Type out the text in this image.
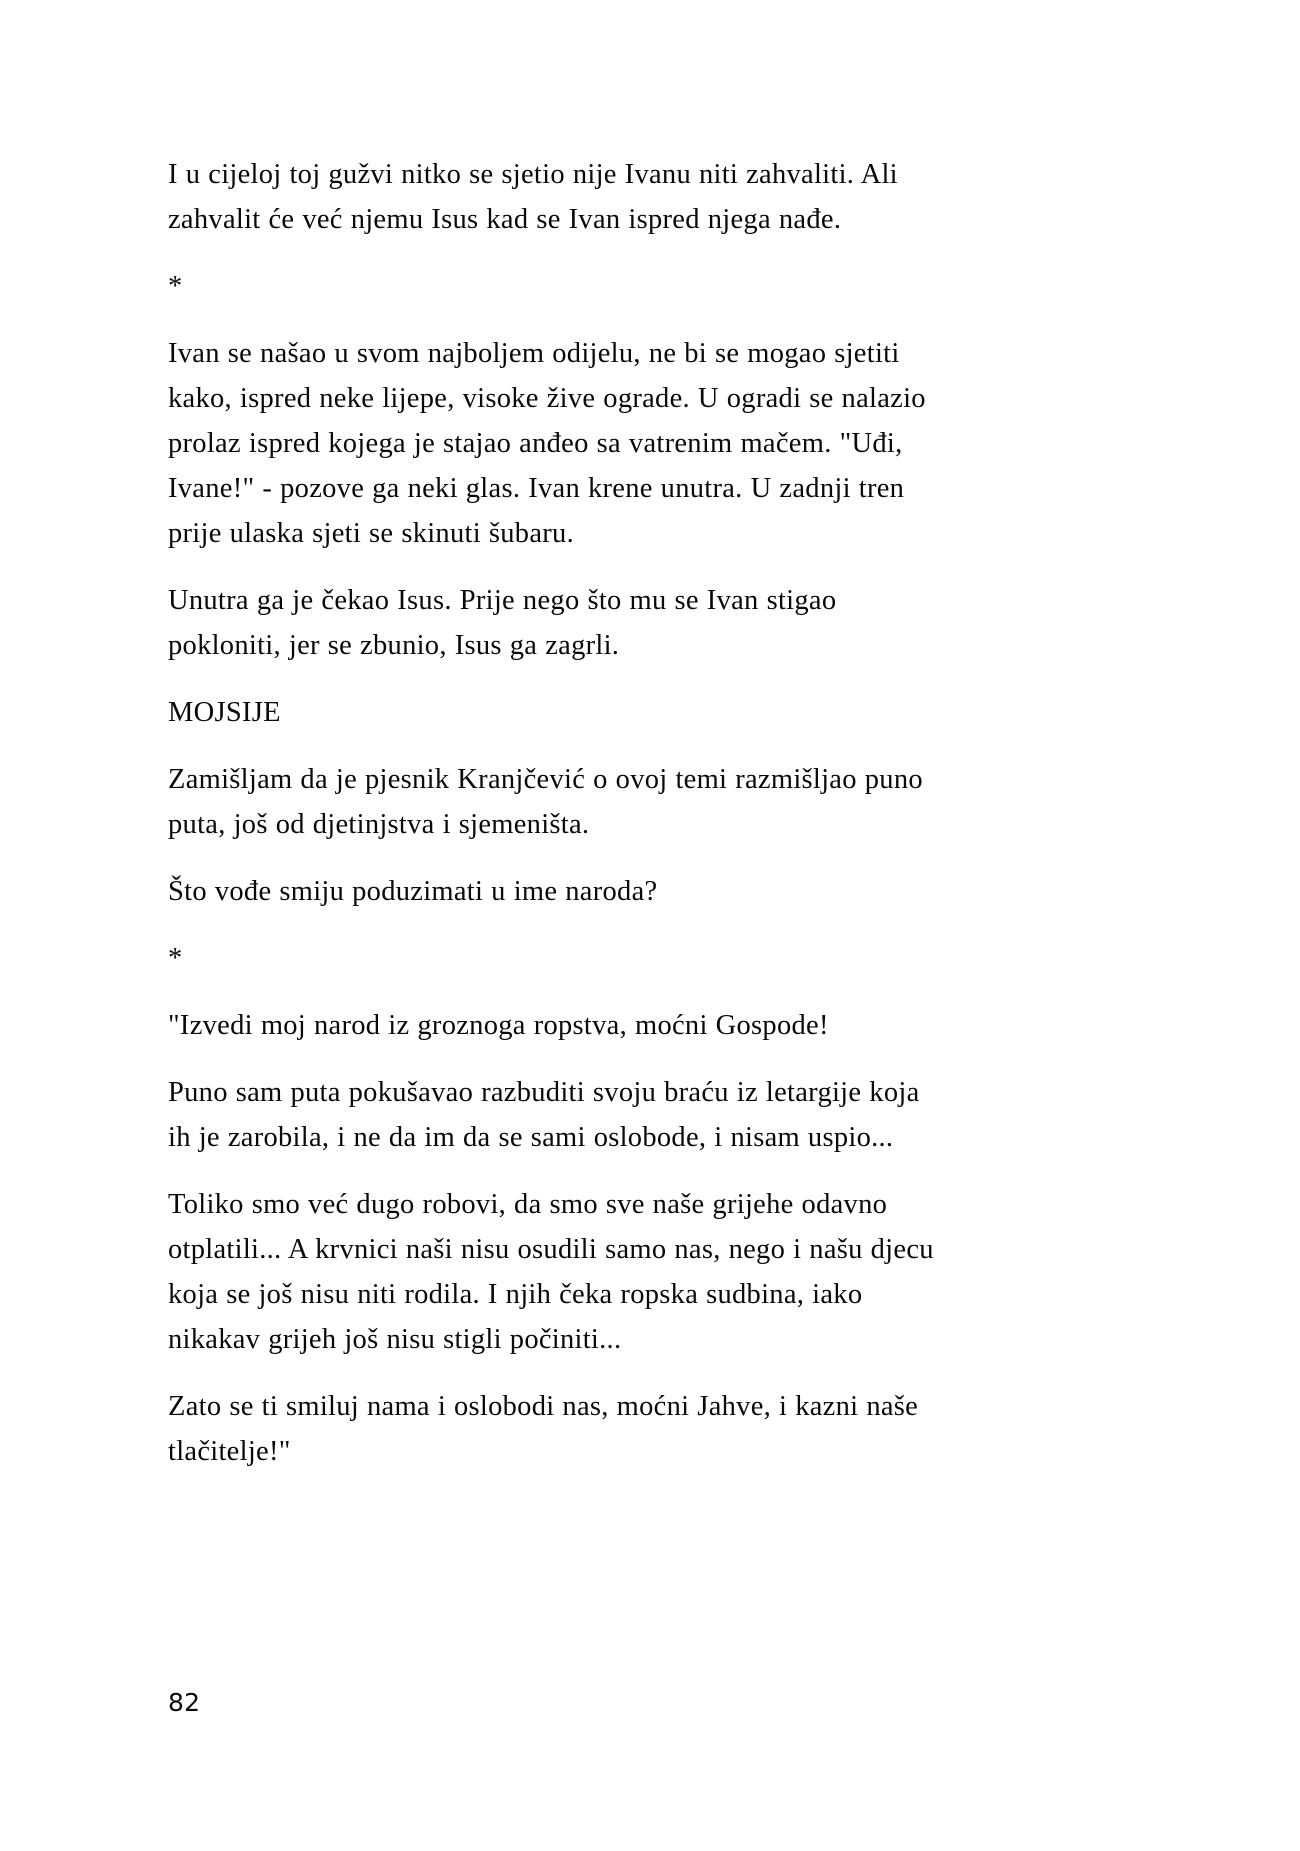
I u cijeloj toj gužvi nitko se sjetio nije Ivanu niti zahvaliti. Ali zahvalit će već njemu Isus kad se Ivan ispred njega nađe.

*

Ivan se našao u svom najboljem odijelu, ne bi se mogao sjetiti kako, ispred neke lijepe, visoke žive ograde. U ogradi se nalazio prolaz ispred kojega je stajao anđeo sa vatrenim mačem. "Uđi, Ivane!" - pozove ga neki glas. Ivan krene unutra. U zadnji tren prije ulaska sjeti se skinuti šubaru.

Unutra ga je čekao Isus. Prije nego što mu se Ivan stigao pokloniti, jer se zbunio, Isus ga zagrli.

MOJSIJE

Zamišljam da je pjesnik Kranjčević o ovoj temi razmišljao puno puta, još od djetinjstva i sjemeništa.

Što vođe smiju poduzimati u ime naroda?

*

"Izvedi moj narod iz groznoga ropstva, moćni Gospode!

Puno sam puta pokušavao razbuditi svoju braću iz letargije koja ih je zarobila, i ne da im da se sami oslobode, i nisam uspio...

Toliko smo već dugo robovi, da smo sve naše grijehe odavno otplatili... A krvnici naši nisu osudili samo nas, nego i našu djecu koja se još nisu niti rodila. I njih čeka ropska sudbina, iako nikakav grijeh još nisu stigli počiniti...

Zato se ti smiluj nama i oslobodi nas, moćni Jahve, i kazni naše tlačitelje!"

82
